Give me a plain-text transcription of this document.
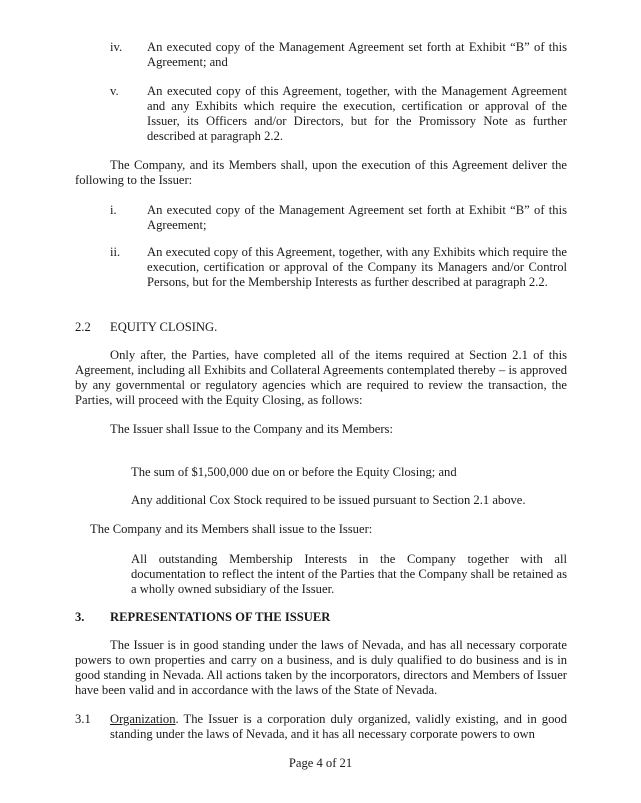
iv. An executed copy of the Management Agreement set forth at Exhibit “B” of this Agreement; and
v. An executed copy of this Agreement, together, with the Management Agreement and any Exhibits which require the execution, certification or approval of the Issuer, its Officers and/or Directors, but for the Promissory Note as further described at paragraph 2.2.
The Company, and its Members shall, upon the execution of this Agreement deliver the following to the Issuer:
i. An executed copy of the Management Agreement set forth at Exhibit “B” of this Agreement;
ii. An executed copy of this Agreement, together, with any Exhibits which require the execution, certification or approval of the Company its Managers and/or Control Persons, but for the Membership Interests as further described at paragraph 2.2.
2.2 EQUITY CLOSING.
Only after, the Parties, have completed all of the items required at Section 2.1 of this Agreement, including all Exhibits and Collateral Agreements contemplated thereby – is approved by any governmental or regulatory agencies which are required to review the transaction, the Parties, will proceed with the Equity Closing, as follows:
The Issuer shall Issue to the Company and its Members:
The sum of $1,500,000 due on or before the Equity Closing; and
Any additional Cox Stock required to be issued pursuant to Section 2.1 above.
The Company and its Members shall issue to the Issuer:
All outstanding Membership Interests in the Company together with all documentation to reflect the intent of the Parties that the Company shall be retained as a wholly owned subsidiary of the Issuer.
3. REPRESENTATIONS OF THE ISSUER
The Issuer is in good standing under the laws of Nevada, and has all necessary corporate powers to own properties and carry on a business, and is duly qualified to do business and is in good standing in Nevada. All actions taken by the incorporators, directors and Members of Issuer have been valid and in accordance with the laws of the State of Nevada.
3.1 Organization. The Issuer is a corporation duly organized, validly existing, and in good standing under the laws of Nevada, and it has all necessary corporate powers to own
Page 4 of 21
